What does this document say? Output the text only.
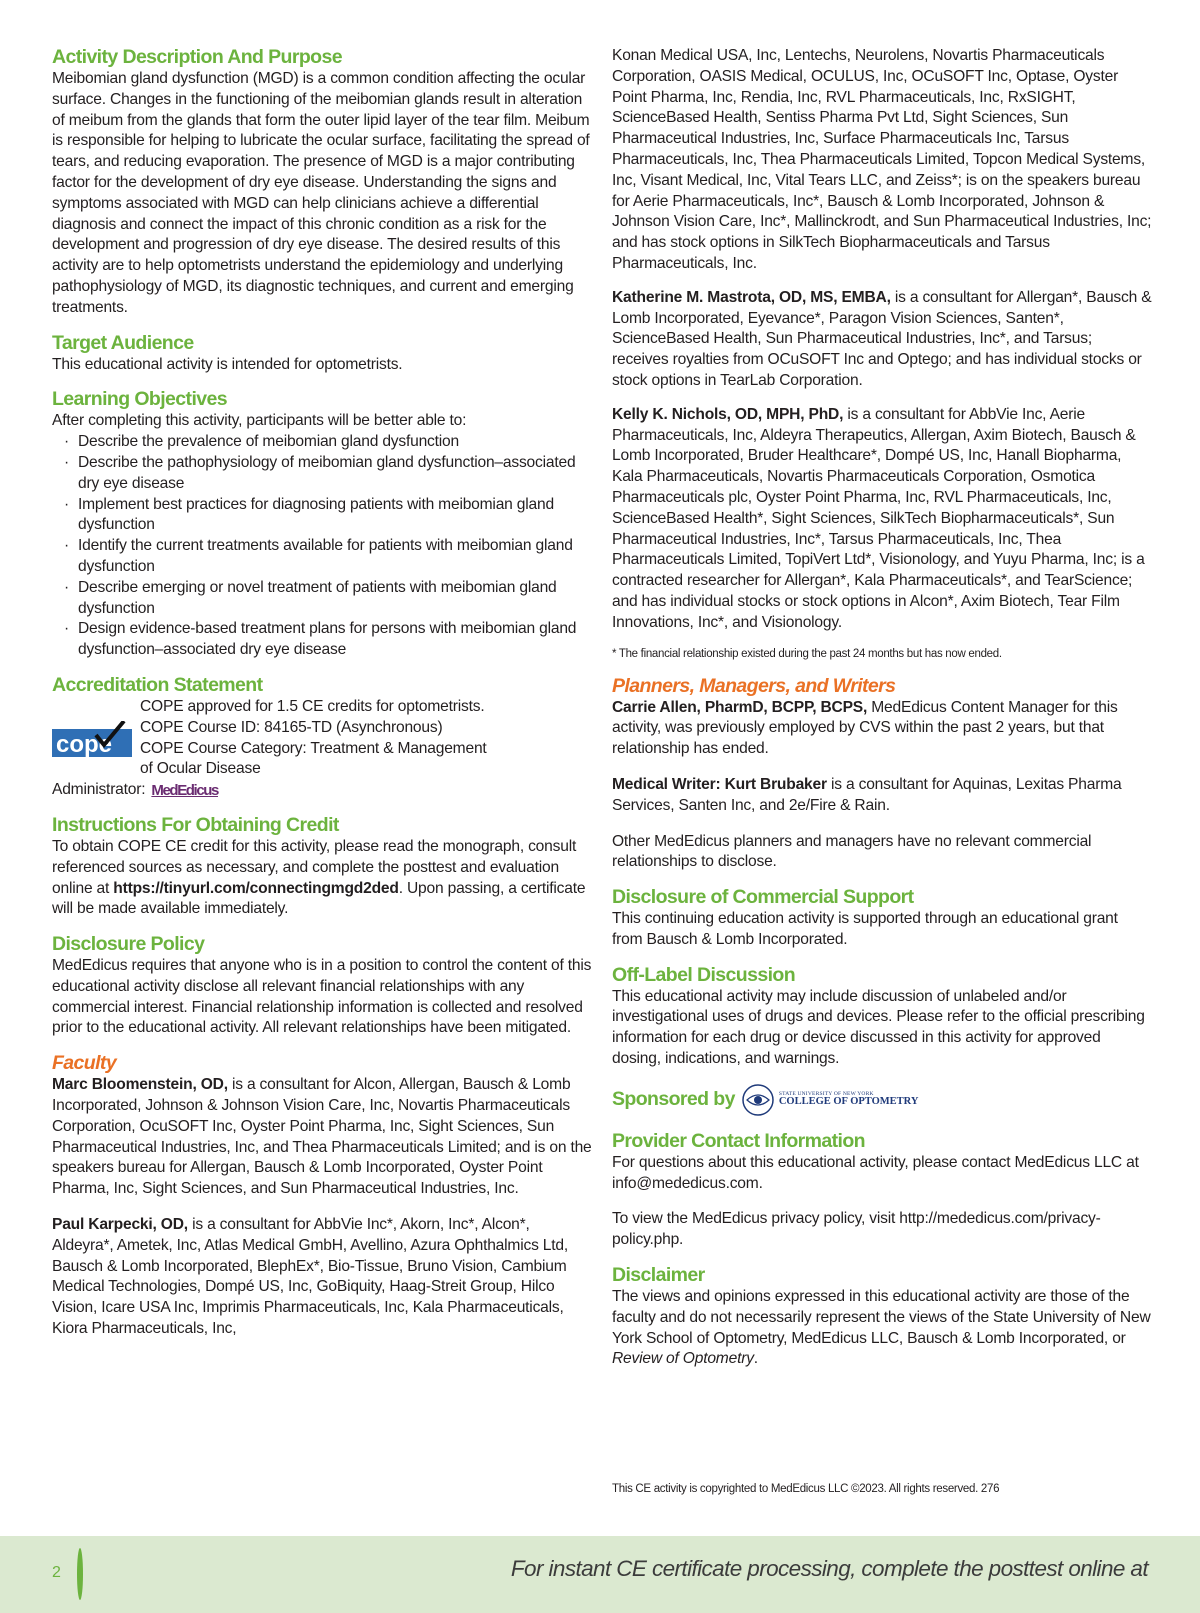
Activity Description And Purpose

Meibomian gland dysfunction (MGD) is a common condition affecting the ocular surface. Changes in the functioning of the meibomian glands result in alteration of meibum from the glands that form the outer lipid layer of the tear film. Meibum is responsible for helping to lubricate the ocular surface, facilitating the spread of tears, and reducing evaporation. The presence of MGD is a major contributing factor for the development of dry eye disease. Understanding the signs and symptoms associated with MGD can help clinicians achieve a differential diagnosis and connect the impact of this chronic condition as a risk for the development and progression of dry eye disease. The desired results of this activity are to help optometrists understand the epidemiology and underlying pathophysiology of MGD, its diagnostic techniques, and current and emerging treatments.

Target Audience

This educational activity is intended for optometrists.

Learning Objectives

After completing this activity, participants will be better able to:

· Describe the prevalence of meibomian gland dysfunction
· Describe the pathophysiology of meibomian gland dysfunction–associated dry eye disease
· Implement best practices for diagnosing patients with meibomian gland dysfunction
· Identify the current treatments available for patients with meibomian gland dysfunction
· Describe emerging or novel treatment of patients with meibomian gland dysfunction
· Design evidence-based treatment plans for persons with meibomian gland dysfunction–associated dry eye disease
Accreditation Statement
cope

COPE approved for 1.5 CE credits for optometrists.

COPE Course ID: 84165-TD (Asynchronous)

COPE Course Category: Treatment & Management

of Ocular Disease

Administrator: MedEdicus
Instructions For Obtaining Credit

To obtain COPE CE credit for this activity, please read the monograph, consult referenced sources as necessary, and complete the posttest and evaluation online at https://tinyurl.com/connectingmgd2ded. Upon passing, a certificate will be made available immediately.

Disclosure Policy

MedEdicus requires that anyone who is in a position to control the content of this educational activity disclose all relevant financial relationships with any commercial interest. Financial relationship information is collected and resolved prior to the educational activity. All relevant relationships have been mitigated.

Faculty

Marc Bloomenstein, OD, is a consultant for Alcon, Allergan, Bausch & Lomb Incorporated, Johnson & Johnson Vision Care, Inc, Novartis Pharmaceuticals Corporation, OcuSOFT Inc, Oyster Point Pharma, Inc, Sight Sciences, Sun Pharmaceutical Industries, Inc, and Thea Pharmaceuticals Limited; and is on the speakers bureau for Allergan, Bausch & Lomb Incorporated, Oyster Point Pharma, Inc, Sight Sciences, and Sun Pharmaceutical Industries, Inc.

Paul Karpecki, OD, is a consultant for AbbVie Inc*, Akorn, Inc*, Alcon*, Aldeyra*, Ametek, Inc, Atlas Medical GmbH, Avellino, Azura Ophthalmics Ltd, Bausch & Lomb Incorporated, BlephEx*, Bio-Tissue, Bruno Vision, Cambium Medical Technologies, Dompé US, Inc, GoBiquity, Haag-Streit Group, Hilco Vision, Icare USA Inc, Imprimis Pharmaceuticals, Inc, Kala Pharmaceuticals, Kiora Pharmaceuticals, Inc,

Konan Medical USA, Inc, Lentechs, Neurolens, Novartis Pharmaceuticals Corporation, OASIS Medical, OCULUS, Inc, OCuSOFT Inc, Optase, Oyster Point Pharma, Inc, Rendia, Inc, RVL Pharmaceuticals, Inc, RxSIGHT, ScienceBased Health, Sentiss Pharma Pvt Ltd, Sight Sciences, Sun Pharmaceutical Industries, Inc, Surface Pharmaceuticals Inc, Tarsus Pharmaceuticals, Inc, Thea Pharmaceuticals Limited, Topcon Medical Systems, Inc, Visant Medical, Inc, Vital Tears LLC, and Zeiss*; is on the speakers bureau for Aerie Pharmaceuticals, Inc*, Bausch & Lomb Incorporated, Johnson & Johnson Vision Care, Inc*, Mallinckrodt, and Sun Pharmaceutical Industries, Inc; and has stock options in SilkTech Biopharmaceuticals and Tarsus Pharmaceuticals, Inc.

Katherine M. Mastrota, OD, MS, EMBA, is a consultant for Allergan*, Bausch & Lomb Incorporated, Eyevance*, Paragon Vision Sciences, Santen*, ScienceBased Health, Sun Pharmaceutical Industries, Inc*, and Tarsus; receives royalties from OCuSOFT Inc and Optego; and has individual stocks or stock options in TearLab Corporation.

Kelly K. Nichols, OD, MPH, PhD, is a consultant for AbbVie Inc, Aerie Pharmaceuticals, Inc, Aldeyra Therapeutics, Allergan, Axim Biotech, Bausch & Lomb Incorporated, Bruder Healthcare*, Dompé US, Inc, Hanall Biopharma, Kala Pharmaceuticals, Novartis Pharmaceuticals Corporation, Osmotica Pharmaceuticals plc, Oyster Point Pharma, Inc, RVL Pharmaceuticals, Inc, ScienceBased Health*, Sight Sciences, SilkTech Biopharmaceuticals*, Sun Pharmaceutical Industries, Inc*, Tarsus Pharmaceuticals, Inc, Thea Pharmaceuticals Limited, TopiVert Ltd*, Visionology, and Yuyu Pharma, Inc; is a contracted researcher for Allergan*, Kala Pharmaceuticals*, and TearScience; and has individual stocks or stock options in Alcon*, Axim Biotech, Tear Film Innovations, Inc*, and Visionology.

* The financial relationship existed during the past 24 months but has now ended.

Planners, Managers, and Writers

Carrie Allen, PharmD, BCPP, BCPS, MedEdicus Content Manager for this activity, was previously employed by CVS within the past 2 years, but that relationship has ended.

Medical Writer: Kurt Brubaker is a consultant for Aquinas, Lexitas Pharma Services, Santen Inc, and 2e/Fire & Rain.

Other MedEdicus planners and managers have no relevant commercial relationships to disclose.

Disclosure of Commercial Support

This continuing education activity is supported through an educational grant from Bausch & Lomb Incorporated.

Off-Label Discussion

This educational activity may include discussion of unlabeled and/or investigational uses of drugs and devices. Please refer to the official prescribing information for each drug or device discussed in this activity for approved dosing, indications, and warnings.

Sponsored by	STATE UNIVERSITY OF NEW YORK
COLLEGE OF OPTOMETRY
Provider Contact Information

For questions about this educational activity, please contact MedEdicus LLC at info@mededicus.com.

To view the MedEdicus privacy policy, visit http://mededicus.com/privacy-policy.php.

Disclaimer

The views and opinions expressed in this educational activity are those of the faculty and do not necessarily represent the views of the State University of New York School of Optometry, MedEdicus LLC, Bausch & Lomb Incorporated, or Review of Optometry.

This CE activity is copyrighted to MedEdicus LLC ©2023. All rights reserved. 276

2	For instant CE certificate processing, complete the posttest online at
